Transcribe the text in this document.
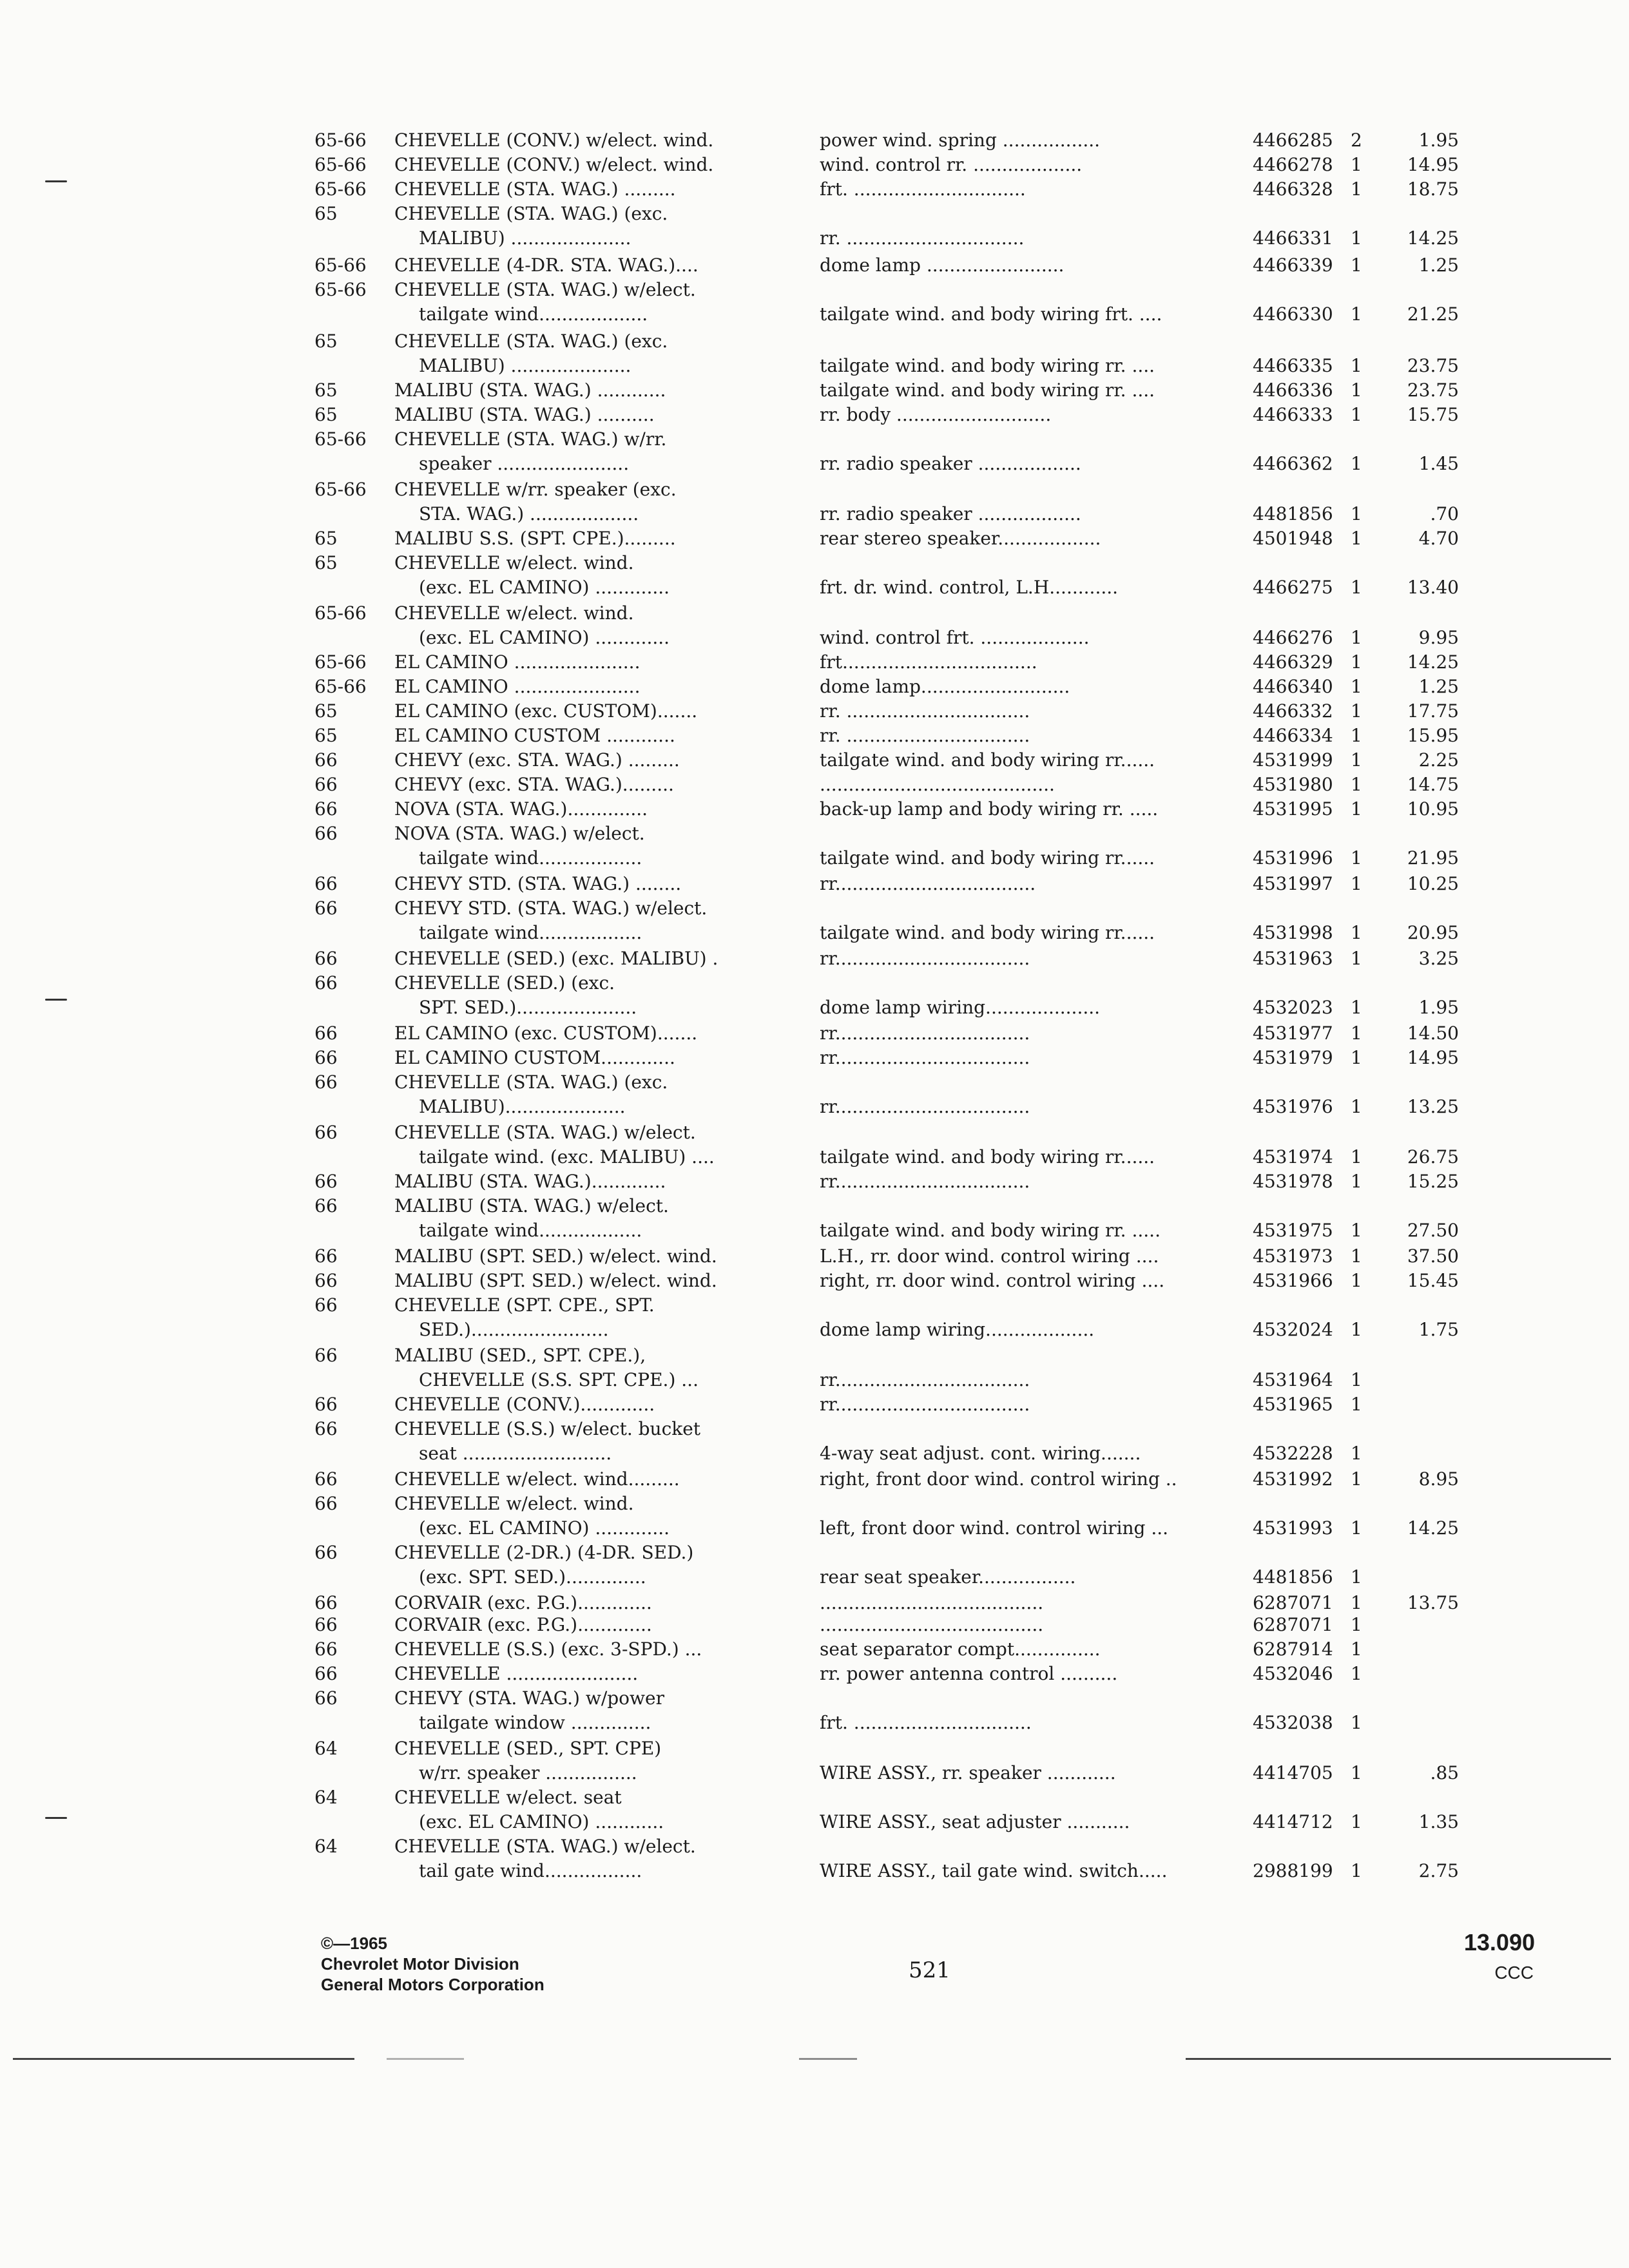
65-66 CHEVELLE (CONV.) w/elect. wind.	power wind. spring .................	4466285 2	1.95
65-66 CHEVELLE (CONV.) w/elect. wind.	wind. control rr. ...................	4466278 1	14.95
65-66 CHEVELLE (STA. WAG.) .........	frt. ..............................	4466328 1	18.75
65	CHEVELLE (STA. WAG.) (exc.
MALIBU) .....................	rr. ...............................	4466331 1	14.25
65-66 CHEVELLE (4-DR. STA. WAG.)....	dome lamp ........................	4466339 1	1.25
65-66 CHEVELLE (STA. WAG.) w/elect.
tailgate wind...................	tailgate wind. and body wiring frt. ....	4466330 1	21.25
65	CHEVELLE (STA. WAG.) (exc.
MALIBU) .....................	tailgate wind. and body wiring rr. ....	4466335 1	23.75
65	MALIBU (STA. WAG.) ............	tailgate wind. and body wiring rr. ....	4466336 1	23.75
65	MALIBU (STA. WAG.) ..........	rr. body ...........................	4466333 1	15.75
65-66 CHEVELLE (STA. WAG.) w/rr.
speaker .......................	rr. radio speaker ..................	4466362 1	1.45
65-66 CHEVELLE w/rr. speaker (exc.
STA. WAG.) ...................	rr. radio speaker ..................	4481856 1	.70
65	MALIBU S.S. (SPT. CPE.).........	rear stereo speaker..................	4501948 1	4.70
65	CHEVELLE w/elect. wind.
(exc. EL CAMINO) .............	frt. dr. wind. control, L.H............	4466275 1	13.40
65-66 CHEVELLE w/elect. wind.
(exc. EL CAMINO) .............	wind. control frt. ...................	4466276 1	9.95
65-66 EL CAMINO ......................	frt..................................	4466329 1	14.25
65-66 EL CAMINO ......................	dome lamp..........................	4466340 1	1.25
65	EL CAMINO (exc. CUSTOM).......	rr. ................................	4466332 1	17.75
65	EL CAMINO CUSTOM ............	rr. ................................	4466334 1	15.95
66	CHEVY (exc. STA. WAG.) .........	tailgate wind. and body wiring rr......	4531999 1	2.25
66	CHEVY (exc. STA. WAG.).........	.........................................	4531980 1	14.75
66	NOVA (STA. WAG.)..............	back-up lamp and body wiring rr. .....	4531995 1	10.95
66	NOVA (STA. WAG.) w/elect.
tailgate wind..................	tailgate wind. and body wiring rr......	4531996 1	21.95
66	CHEVY STD. (STA. WAG.) ........	rr...................................	4531997 1	10.25
66	CHEVY STD. (STA. WAG.) w/elect.
tailgate wind..................	tailgate wind. and body wiring rr......	4531998 1	20.95
66	CHEVELLE (SED.) (exc. MALIBU) .	rr..................................	4531963 1	3.25
66	CHEVELLE (SED.) (exc.
SPT. SED.).....................	dome lamp wiring....................	4532023 1	1.95
66	EL CAMINO (exc. CUSTOM).......	rr..................................	4531977 1	14.50
66	EL CAMINO CUSTOM.............	rr..................................	4531979 1	14.95
66	CHEVELLE (STA. WAG.) (exc.
MALIBU).....................	rr..................................	4531976 1	13.25
66	CHEVELLE (STA. WAG.) w/elect.
tailgate wind. (exc. MALIBU) ....	tailgate wind. and body wiring rr......	4531974 1	26.75
66	MALIBU (STA. WAG.).............	rr..................................	4531978 1	15.25
66	MALIBU (STA. WAG.) w/elect.
tailgate wind..................	tailgate wind. and body wiring rr. .....	4531975 1	27.50
66	MALIBU (SPT. SED.) w/elect. wind.	L.H., rr. door wind. control wiring ....	4531973 1	37.50
66	MALIBU (SPT. SED.) w/elect. wind.	right, rr. door wind. control wiring ....	4531966 1	15.45
66	CHEVELLE (SPT. CPE., SPT.
SED.)........................	dome lamp wiring...................	4532024 1	1.75
66	MALIBU (SED., SPT. CPE.),
CHEVELLE (S.S. SPT. CPE.) ...	rr..................................	4531964 1
66	CHEVELLE (CONV.).............	rr..................................	4531965 1
66	CHEVELLE (S.S.) w/elect. bucket
seat ..........................	4-way seat adjust. cont. wiring.......	4532228 1
66	CHEVELLE w/elect. wind.........	right, front door wind. control wiring ..	4531992 1	8.95
66	CHEVELLE w/elect. wind.
(exc. EL CAMINO) .............	left, front door wind. control wiring ...	4531993 1	14.25
66	CHEVELLE (2-DR.) (4-DR. SED.)
(exc. SPT. SED.)..............	rear seat speaker.................	4481856 1
66	CORVAIR (exc. P.G.).............	.......................................	6287071 1	13.75
66	CORVAIR (exc. P.G.).............	.......................................	6287071 1
66	CHEVELLE (S.S.) (exc. 3-SPD.) ...	seat separator compt...............	6287914 1
66	CHEVELLE .......................	rr. power antenna control ..........	4532046 1
66	CHEVY (STA. WAG.) w/power
tailgate window ..............	frt. ...............................	4532038 1
64	CHEVELLE (SED., SPT. CPE)
w/rr. speaker ................	WIRE ASSY., rr. speaker ............	4414705 1	.85
64	CHEVELLE w/elect. seat
(exc. EL CAMINO) ............	WIRE ASSY., seat adjuster ...........	4414712 1	1.35
64	CHEVELLE (STA. WAG.) w/elect.
tail gate wind.................	WIRE ASSY., tail gate wind. switch.....	2988199 1	2.75
©—1965
Chevrolet Motor Division
General Motors Corporation
521
13.090
CCC
